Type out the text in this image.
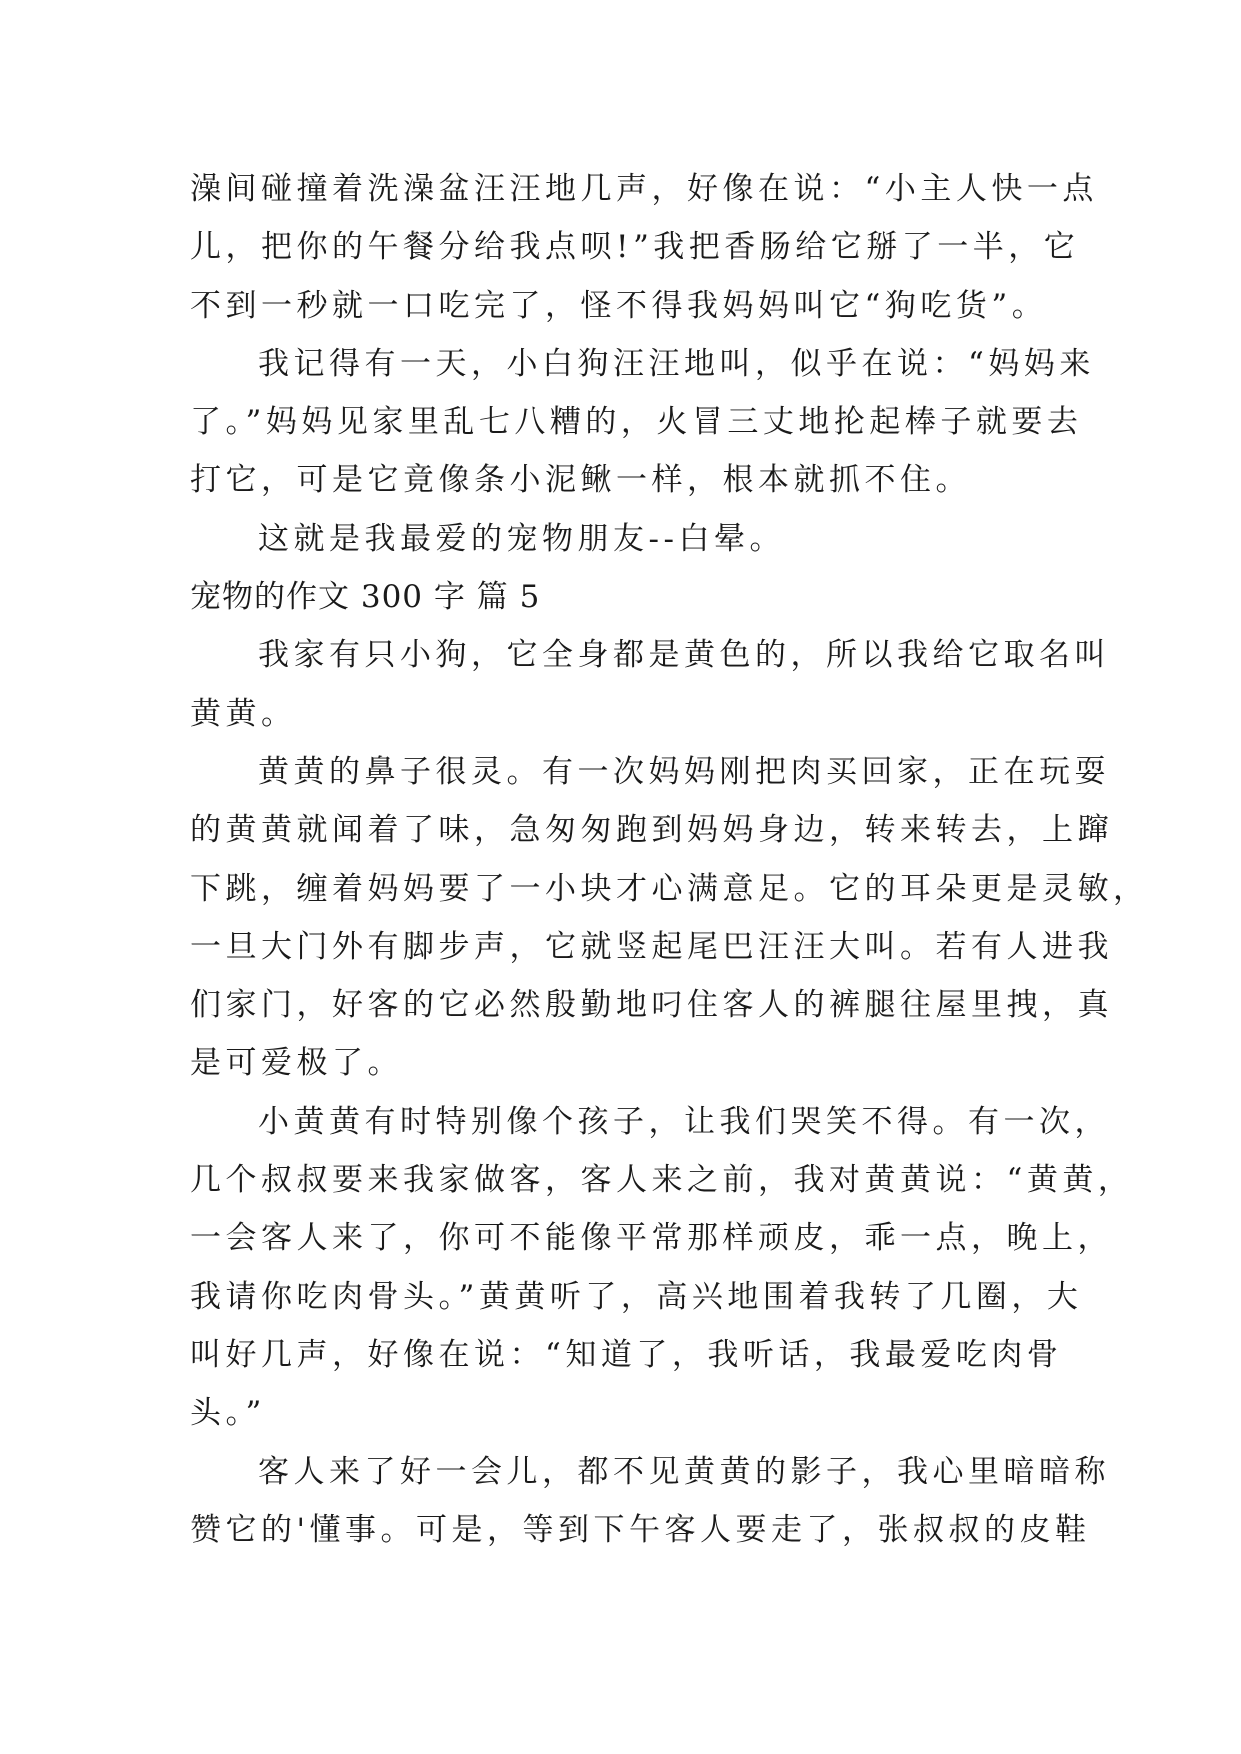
澡间碰撞着洗澡盆汪汪地几声，好像在说：“小主人快一点
儿，把你的午餐分给我点呗!”我把香肠给它掰了一半，它
不到一秒就一口吃完了，怪不得我妈妈叫它“狗吃货”。
我记得有一天，小白狗汪汪地叫，似乎在说：“妈妈来
了。”妈妈见家里乱七八糟的，火冒三丈地抡起棒子就要去
打它，可是它竟像条小泥鳅一样，根本就抓不住。
这就是我最爱的宠物朋友--白晕。
宠物的作文 300 字 篇 5
我家有只小狗，它全身都是黄色的，所以我给它取名叫
黄黄。
黄黄的鼻子很灵。有一次妈妈刚把肉买回家，正在玩耍
的黄黄就闻着了味，急匆匆跑到妈妈身边，转来转去，上蹿
下跳，缠着妈妈要了一小块才心满意足。它的耳朵更是灵敏，
一旦大门外有脚步声，它就竖起尾巴汪汪大叫。若有人进我
们家门，好客的它必然殷勤地叼住客人的裤腿往屋里拽，真
是可爱极了。
小黄黄有时特别像个孩子，让我们哭笑不得。有一次，
几个叔叔要来我家做客，客人来之前，我对黄黄说：“黄黄，
一会客人来了，你可不能像平常那样顽皮，乖一点，晚上，
我请你吃肉骨头。”黄黄听了，高兴地围着我转了几圈，大
叫好几声，好像在说：“知道了，我听话，我最爱吃肉骨
头。”
客人来了好一会儿，都不见黄黄的影子，我心里暗暗称
赞它的'懂事。可是，等到下午客人要走了，张叔叔的皮鞋
